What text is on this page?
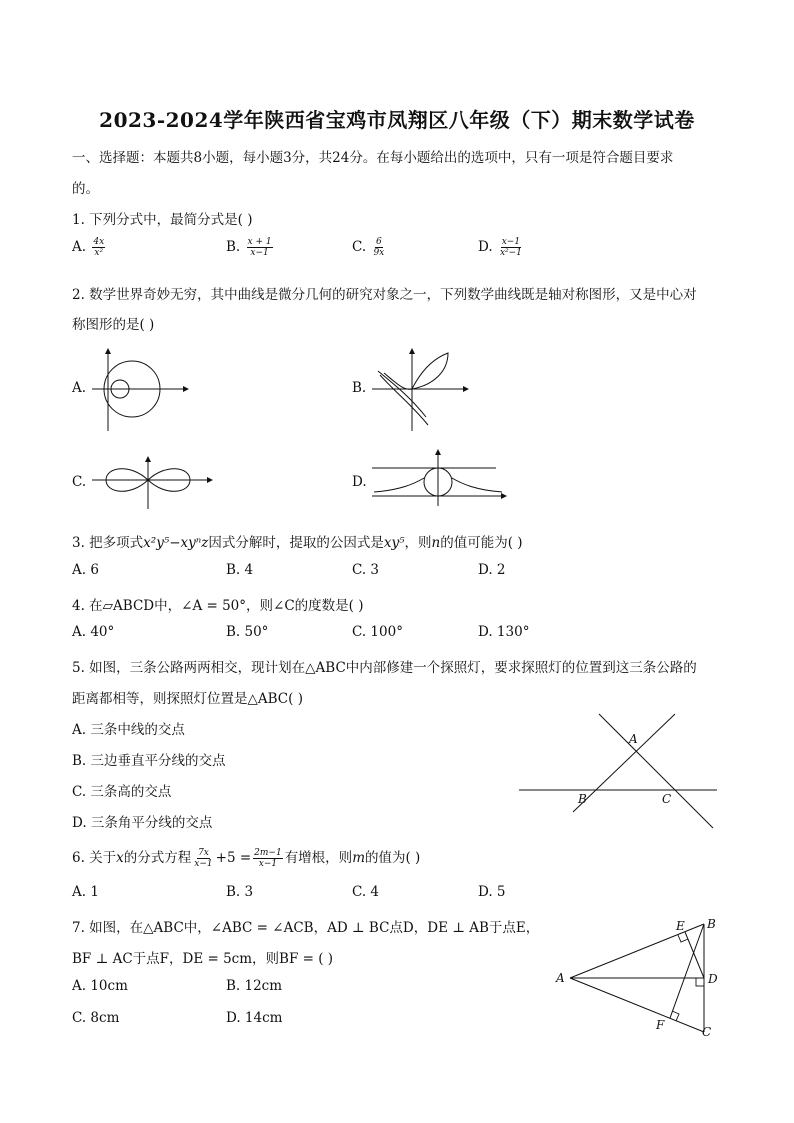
2023-2024学年陕西省宝鸡市凤翔区八年级（下）期末数学试卷
一、选择题：本题共8小题，每小题3分，共24分。在每小题给出的选项中，只有一项是符合题目要求
的。
1. 下列分式中，最简分式是( )
A. $\frac{4x}{\text{x²}}$	B. $\frac{x + 1}{x-1}$	C. $\frac{6}{9x}$	D. $\frac{x-1}{\text{x²−1}}$
2. 数学世界奇妙无穷，其中曲线是微分几何的研究对象之一，下列数学曲线既是轴对称图形，又是中心对
称图形的是( )
A.	B.
C.	D.
3. 把多项式x²y⁵−xyⁿz因式分解时，提取的公因式是xy⁵，则n的值可能为( )
A. 6	B. 4	C. 3	D. 2
4. 在▱ABCD中，∠A = 50°，则∠C的度数是( )
A. 40°	B. 50°	C. 100°	D. 130°
5. 如图，三条公路两两相交，现计划在△ABC中内部修建一个探照灯，要求探照灯的位置到这三条公路的
距离都相等，则探照灯位置是△ABC( )
A. 三条中线的交点
B. 三边垂直平分线的交点
C. 三条高的交点
D. 三条角平分线的交点
A
B	C
6. 关于x的分式方程 $\frac{7x}{x-1} +5 = \frac{2m-1}{x-1}$ 有增根，则m的值为( )
A. 1	B. 3	C. 4	D. 5
7. 如图，在△ABC中，∠ABC = ∠ACB，AD ⊥ BC点D，DE ⊥ AB于点E，
BF ⊥ AC于点F，DE = 5cm，则BF = ( )
A. 10cm	B. 12cm
C. 8cm	D. 14cm
A
B
C
D
E
F
